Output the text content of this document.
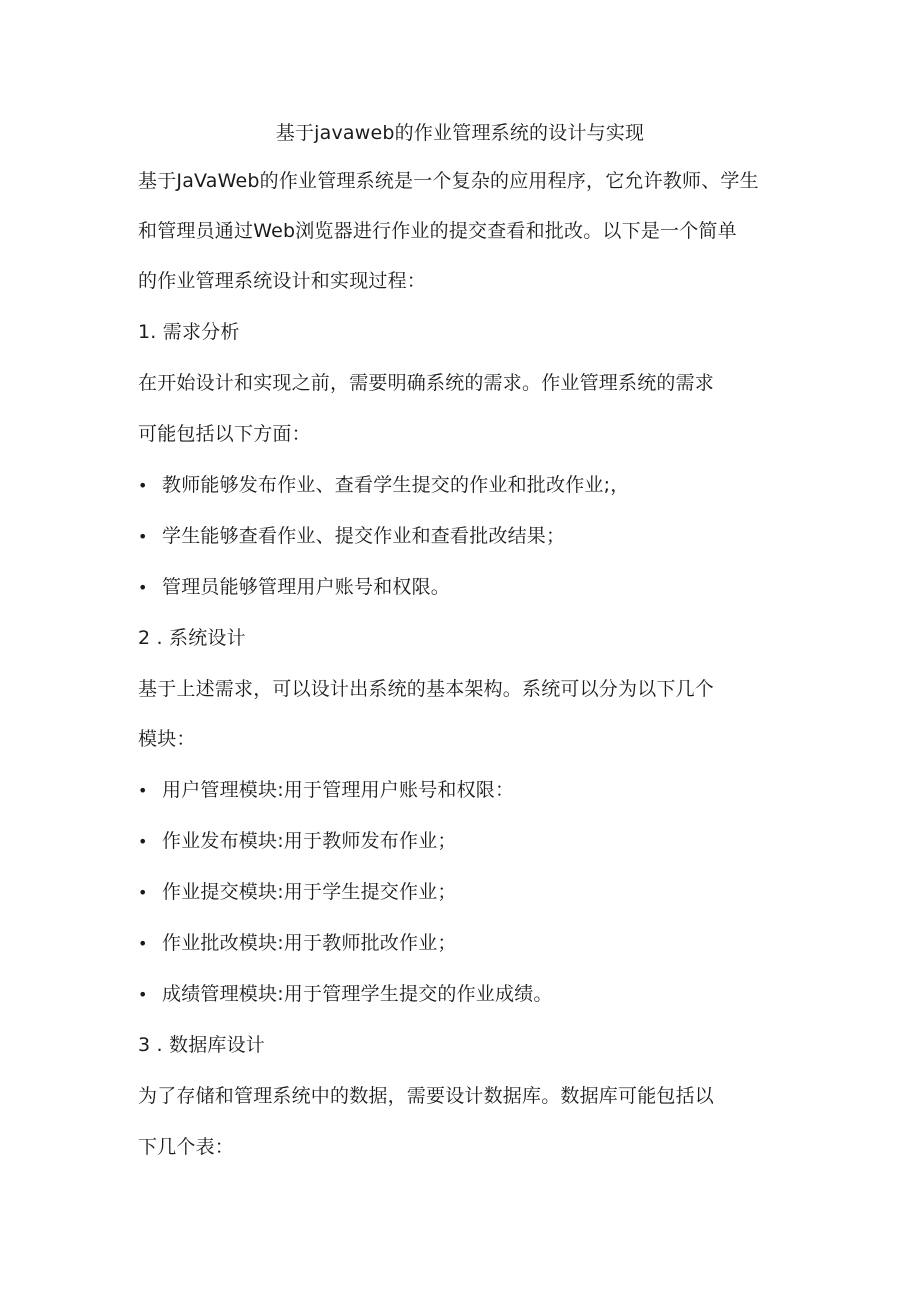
基于javaweb的作业管理系统的设计与实现
基于JaVaWeb的作业管理系统是一个复杂的应用程序，它允许教师、学生
和管理员通过Web浏览器进行作业的提交查看和批改。以下是一个简单
的作业管理系统设计和实现过程：
1. 需求分析
在开始设计和实现之前，需要明确系统的需求。作业管理系统的需求
可能包括以下方面：
• 教师能够发布作业、查看学生提交的作业和批改作业;，
• 学生能够查看作业、提交作业和查看批改结果；
• 管理员能够管理用户账号和权限。
2 . 系统设计
基于上述需求，可以设计出系统的基本架构。系统可以分为以下几个
模块：
• 用户管理模块:用于管理用户账号和权限：
• 作业发布模块:用于教师发布作业；
• 作业提交模块:用于学生提交作业；
• 作业批改模块:用于教师批改作业；
• 成绩管理模块:用于管理学生提交的作业成绩。
3 . 数据库设计
为了存储和管理系统中的数据，需要设计数据库。数据库可能包括以
下几个表：
